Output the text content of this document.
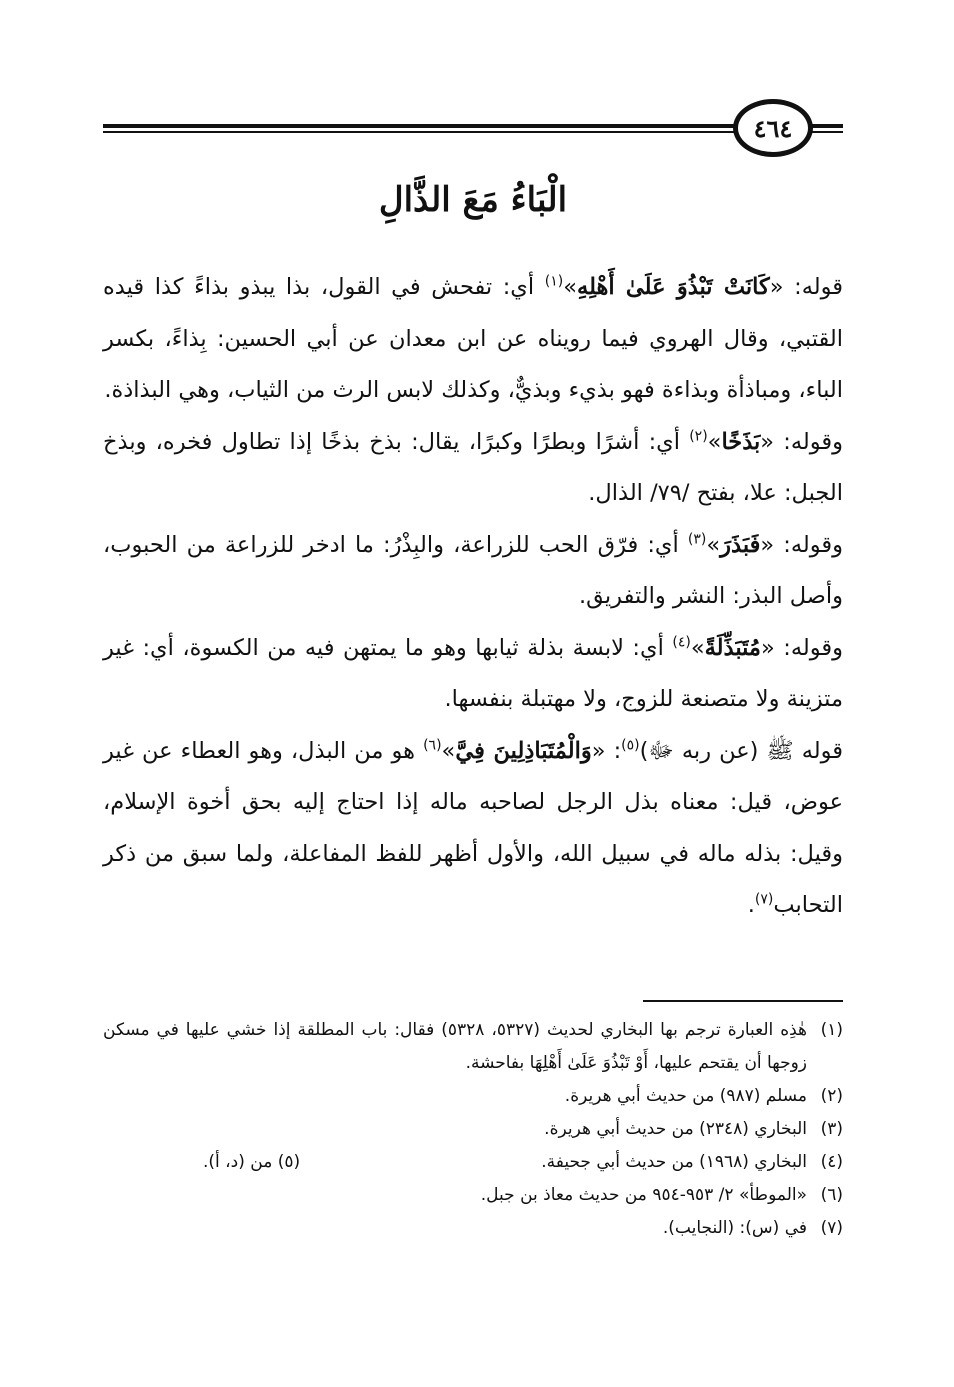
٤٦٤
الْبَاءُ مَعَ الذَّالِ

قوله: «كَانَتْ تَبْذُوَ عَلَىٰ أَهْلِهِ»$^{(١)}$ أي: تفحش في القول، بذا يبذو بذاءً كذا قيده القتبي، وقال الهروي فيما رويناه عن ابن معدان عن أبي الحسين: بِذاءً، بكسر الباء، ومباذأة وبذاءة فهو بذيء وبذيٌّ، وكذلك لابس الرث من الثياب، وهي البذاذة.

وقوله: «بَذَخًا»$^{(٢)}$ أي: أشرًا وبطرًا وكبرًا، يقال: بذخ بذخًا إذا تطاول فخره، وبذخ الجبل: علا، بفتح /٧٩/ الذال.

وقوله: «فَبَذَرَ»$^{(٣)}$ أي: فرّق الحب للزراعة، والبِذْرُ: ما ادخر للزراعة من الحبوب، وأصل البذر: النشر والتفريق.

وقوله: «مُتَبَذِّلَةً»$^{(٤)}$ أي: لابسة بذلة ثيابها وهو ما يمتهن فيه من الكسوة، أي: غير متزينة ولا متصنعة للزوج، ولا مهتبلة بنفسها.

قوله ﷺ (عن ربه ﷻ)$^{(٥)}$: «وَالْمُتَبَاذِلِينَ فِيَّ»$^{(٦)}$ هو من البذل، وهو العطاء عن غير عوض، قيل: معناه بذل الرجل لصاحبه ماله إذا احتاج إليه بحق أخوة الإسلام، وقيل: بذله ماله في سبيل الله، والأول أظهر للفظ المفاعلة، ولما سبق من ذكر التحابب$^{(٧)}$.

(١)
هٰذِه العبارة ترجم بها البخاري لحديث (٥٣٢٧، ٥٣٢٨) فقال: باب المطلقة إذا خشي عليها في مسكن زوجها أن يقتحم عليها، أَوْ تَبْذُوَ عَلَىٰ أَهْلِهَا بفاحشة.

(٢)
مسلم (٩٨٧) من حديث أبي هريرة.

(٣)
البخاري (٢٣٤٨) من حديث أبي هريرة.

(٤)
البخاري (١٩٦٨) من حديث أبي جحيفة.
(٥) من (د، أ).

(٦)
«الموطأ» ٢/ ٩٥٣-٩٥٤ من حديث معاذ بن جبل.

(٧)
في (س): (النجايب).
